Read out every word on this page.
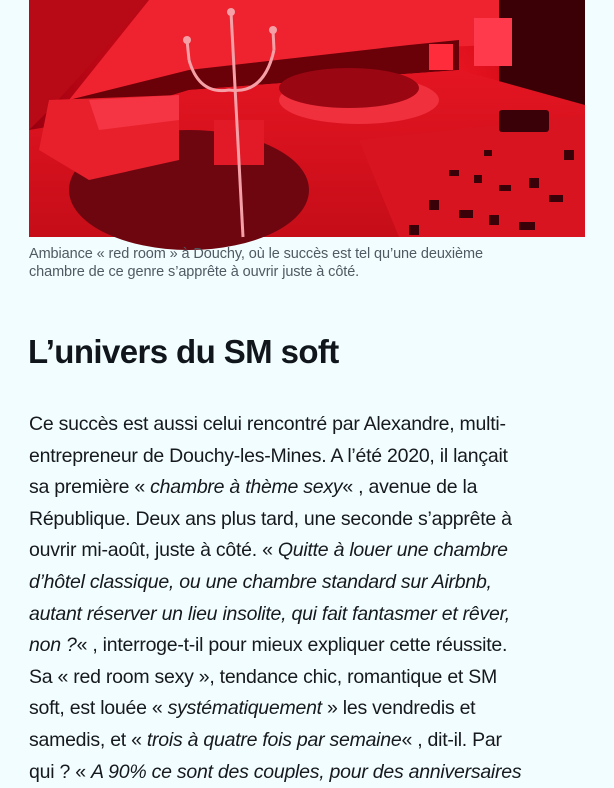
Ambiance « red room » à Douchy, où le succès est tel qu’une deuxième
chambre de ce genre s’apprête à ouvrir juste à côté.
L’univers du SM soft

Ce succès est aussi celui rencontré par Alexandre, multi-
entrepreneur de Douchy-les-Mines. A l’été 2020, il lançait
sa première « chambre à thème sexy« , avenue de la
République. Deux ans plus tard, une seconde s’apprête à
ouvrir mi-août, juste à côté. « Quitte à louer une chambre
d’hôtel classique, ou une chambre standard sur Airbnb,
autant réserver un lieu insolite, qui fait fantasmer et rêver,
non ?« , interroge-t-il pour mieux expliquer cette réussite.
Sa « red room sexy », tendance chic, romantique et SM
soft, est louée « systématiquement » les vendredis et
samedis, et « trois à quatre fois par semaine« , dit-il. Par
qui ? « A 90% ce sont des couples, pour des anniversaires
